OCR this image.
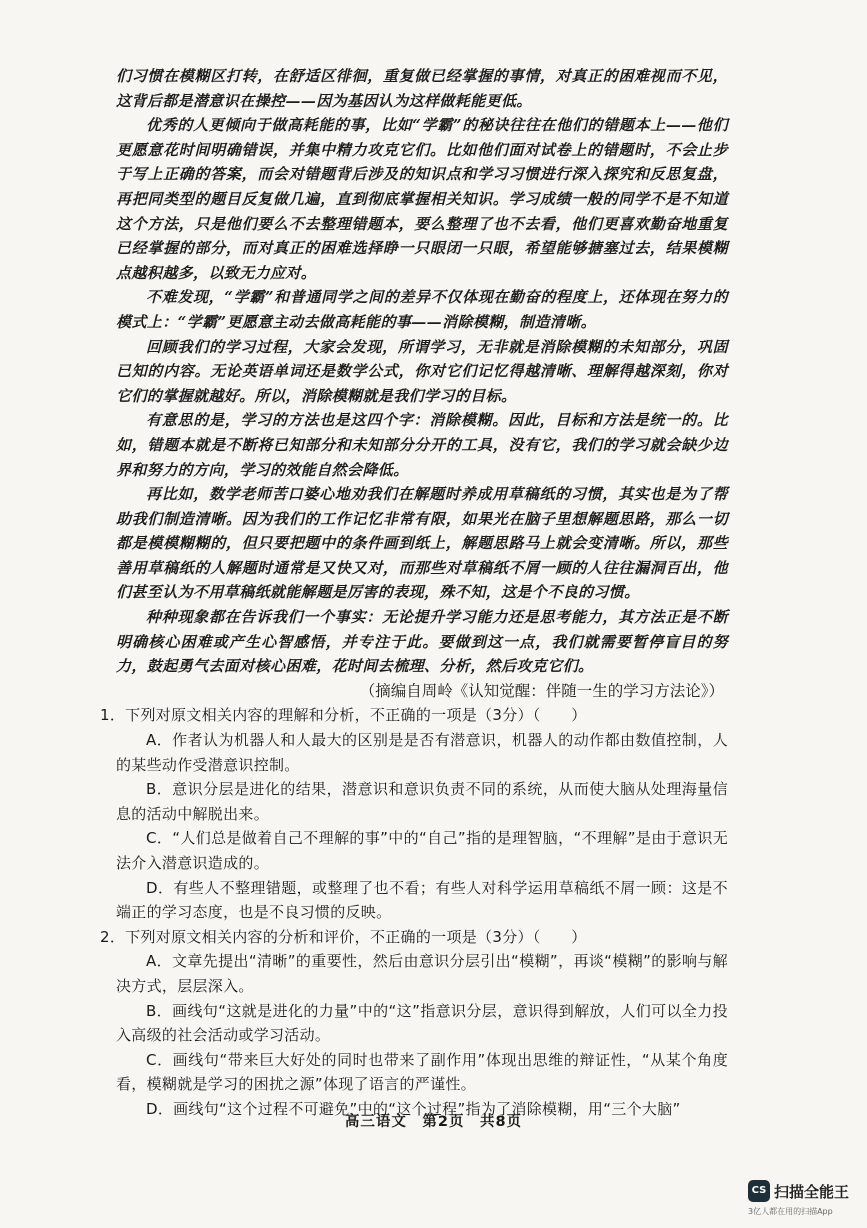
们习惯在模糊区打转，在舒适区徘徊，重复做已经掌握的事情，对真正的困难视而不见，这背后都是潜意识在操控——因为基因认为这样做耗能更低。

优秀的人更倾向于做高耗能的事，比如“学霸”的秘诀往往在他们的错题本上——他们更愿意花时间明确错误，并集中精力攻克它们。比如他们面对试卷上的错题时，不会止步于写上正确的答案，而会对错题背后涉及的知识点和学习习惯进行深入探究和反思复盘，再把同类型的题目反复做几遍，直到彻底掌握相关知识。学习成绩一般的同学不是不知道这个方法，只是他们要么不去整理错题本，要么整理了也不去看，他们更喜欢勤奋地重复已经掌握的部分，而对真正的困难选择睁一只眼闭一只眼，希望能够搪塞过去，结果模糊点越积越多，以致无力应对。

不难发现，“学霸”和普通同学之间的差异不仅体现在勤奋的程度上，还体现在努力的模式上：“学霸”更愿意主动去做高耗能的事——消除模糊，制造清晰。

回顾我们的学习过程，大家会发现，所谓学习，无非就是消除模糊的未知部分，巩固已知的内容。无论英语单词还是数学公式，你对它们记忆得越清晰、理解得越深刻，你对它们的掌握就越好。所以，消除模糊就是我们学习的目标。

有意思的是，学习的方法也是这四个字：消除模糊。因此，目标和方法是统一的。比如，错题本就是不断将已知部分和未知部分分开的工具，没有它，我们的学习就会缺少边界和努力的方向，学习的效能自然会降低。

再比如，数学老师苦口婆心地劝我们在解题时养成用草稿纸的习惯，其实也是为了帮助我们制造清晰。因为我们的工作记忆非常有限，如果光在脑子里想解题思路，那么一切都是模模糊糊的，但只要把题中的条件画到纸上，解题思路马上就会变清晰。所以，那些善用草稿纸的人解题时通常是又快又对，而那些对草稿纸不屑一顾的人往往漏洞百出，他们甚至认为不用草稿纸就能解题是厉害的表现，殊不知，这是个不良的习惯。

种种现象都在告诉我们一个事实：无论提升学习能力还是思考能力，其方法正是不断明确核心困难或产生心智感悟，并专注于此。要做到这一点，我们就需要暂停盲目的努力，鼓起勇气去面对核心困难，花时间去梳理、分析，然后攻克它们。

（摘编自周岭《认知觉醒：伴随一生的学习方法论》）

1．下列对原文相关内容的理解和分析，不正确的一项是（3分）（　　）

A．作者认为机器人和人最大的区别是是否有潜意识，机器人的动作都由数值控制，人的某些动作受潜意识控制。

B．意识分层是进化的结果，潜意识和意识负责不同的系统，从而使大脑从处理海量信息的活动中解脱出来。

C．“人们总是做着自己不理解的事”中的“自己”指的是理智脑，“不理解”是由于意识无法介入潜意识造成的。

D．有些人不整理错题，或整理了也不看；有些人对科学运用草稿纸不屑一顾：这是不端正的学习态度，也是不良习惯的反映。

2．下列对原文相关内容的分析和评价，不正确的一项是（3分）（　　）

A．文章先提出“清晰”的重要性，然后由意识分层引出“模糊”，再谈“模糊”的影响与解决方式，层层深入。

B．画线句“这就是进化的力量”中的“这”指意识分层，意识得到解放，人们可以全力投入高级的社会活动或学习活动。

C．画线句“带来巨大好处的同时也带来了副作用”体现出思维的辩证性，“从某个角度看，模糊就是学习的困扰之源”体现了语言的严谨性。

D．画线句“这个过程不可避免”中的“这个过程”指为了消除模糊，用“三个大脑”

高三语文　第2页　共8页
CS 扫描全能王
3亿人都在用的扫描App
